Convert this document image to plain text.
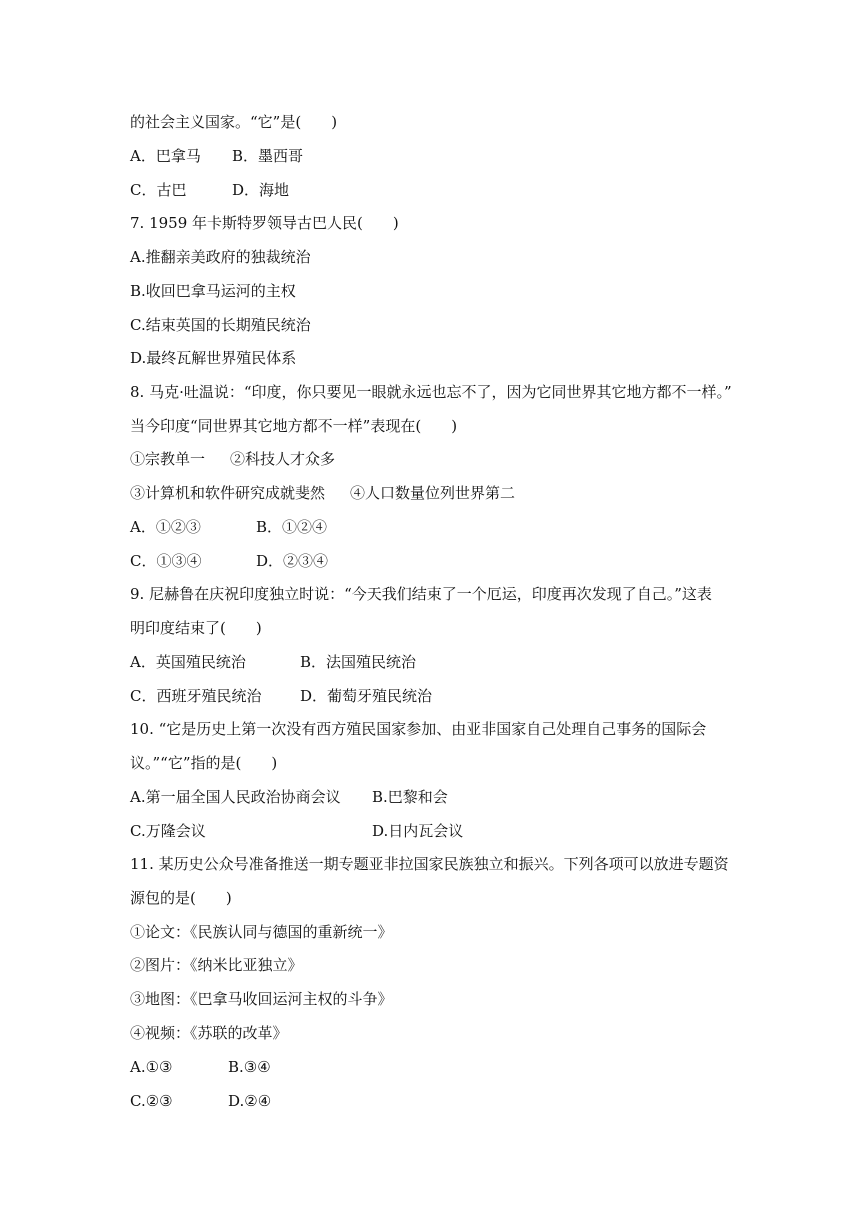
的社会主义国家。“它”是(　　)
A．巴拿马 B．墨西哥
C．古巴	D．海地
7. 1959 年卡斯特罗领导古巴人民(　　)
A.推翻亲美政府的独裁统治
B.收回巴拿马运河的主权
C.结束英国的长期殖民统治
D.最终瓦解世界殖民体系
8. 马克·吐温说：“印度，你只要见一眼就永远也忘不了，因为它同世界其它地方都不一样。”
当今印度“同世界其它地方都不一样”表现在(　　)
①宗教单一 ②科技人才众多
③计算机和软件研究成就斐然 ④人口数量位列世界第二
A．①②③	B．①②④
C．①③④	D．②③④
9. 尼赫鲁在庆祝印度独立时说：“今天我们结束了一个厄运，印度再次发现了自己。”这表
明印度结束了(　　)
A．英国殖民统治	B．法国殖民统治
C．西班牙殖民统治	D．葡萄牙殖民统治
10. “它是历史上第一次没有西方殖民国家参加、由亚非国家自己处理自己事务的国际会
议。”“它”指的是(　　)
A.第一届全国人民政治协商会议 B.巴黎和会
C.万隆会议	D.日内瓦会议
11. 某历史公众号准备推送一期专题亚非拉国家民族独立和振兴。下列各项可以放进专题资
源包的是(　　)
①论文：《民族认同与德国的重新统一》
②图片：《纳米比亚独立》
③地图：《巴拿马收回运河主权的斗争》
④视频：《苏联的改革》
A.①③	B.③④
C.②③	D.②④
